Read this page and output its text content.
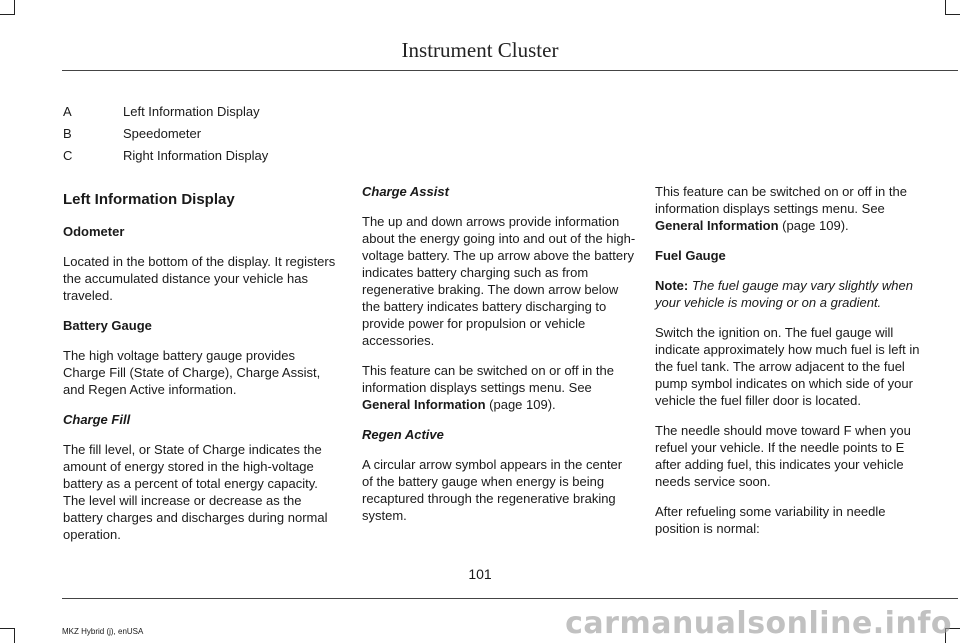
Instrument Cluster
A	Left Information Display
B	Speedometer
C	Right Information Display
Left Information Display

Odometer

Located in the bottom of the display. It registers the accumulated distance your vehicle has traveled.

Battery Gauge

The high voltage battery gauge provides Charge Fill (State of Charge), Charge Assist, and Regen Active information.

Charge Fill

The fill level, or State of Charge indicates the amount of energy stored in the high-voltage battery as a percent of total energy capacity. The level will increase or decrease as the battery charges and discharges during normal operation.

Charge Assist

The up and down arrows provide information about the energy going into and out of the high-voltage battery. The up arrow above the battery indicates battery charging such as from regenerative braking. The down arrow below the battery indicates battery discharging to provide power for propulsion or vehicle accessories.

This feature can be switched on or off in the information displays settings menu. See General Information (page 109).

Regen Active

A circular arrow symbol appears in the center of the battery gauge when energy is being recaptured through the regenerative braking system.

This feature can be switched on or off in the information displays settings menu. See General Information (page 109).

Fuel Gauge

Note: The fuel gauge may vary slightly when your vehicle is moving or on a gradient.

Switch the ignition on. The fuel gauge will indicate approximately how much fuel is left in the fuel tank. The arrow adjacent to the fuel pump symbol indicates on which side of your vehicle the fuel filler door is located.

The needle should move toward F when you refuel your vehicle. If the needle points to E after adding fuel, this indicates your vehicle needs service soon.

After refueling some variability in needle position is normal:

101
MKZ Hybrid (j), enUSA	carmanualsonline.info
